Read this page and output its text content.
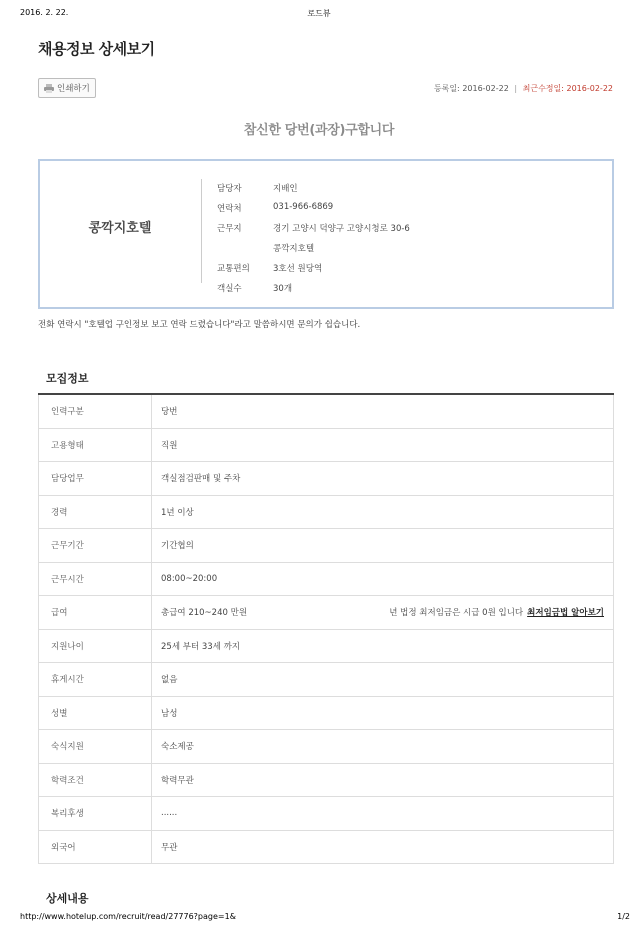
2016. 2. 22.	로드뷰
채용정보 상세보기
인쇄하기	등록일: 2016-02-22 | 최근수정일: 2016-02-22
참신한 당번(과장)구합니다
콩깍지호텔
담당자	지배인
연락처	031-966-6869
근무지	경기 고양시 덕양구 고양시청로 30-6
콩깍지호텔
교통편의	3호선 원당역
객실수	30개
전화 연락시 "호텔업 구인정보 보고 연락 드렸습니다"라고 말씀하시면 문의가 쉽습니다.
모집정보
인력구분	당번
고용형태	직원
담당업무	객실점검판매 및 주차
경력	1년 이상
근무기간	기간협의
근무시간	08:00~20:00
급여	총급여 210~240 만원	년 법정 최저임금은 시급 0원 입니다 최저임금법 알아보기
지원나이	25세 부터 33세 까지
휴게시간	없음
성별	남성
숙식지원	숙소제공
학력조건	학력무관
복리후생	......
외국어	무관
상세내용
http://www.hotelup.com/recruit/read/27776?page=1&	1/2
